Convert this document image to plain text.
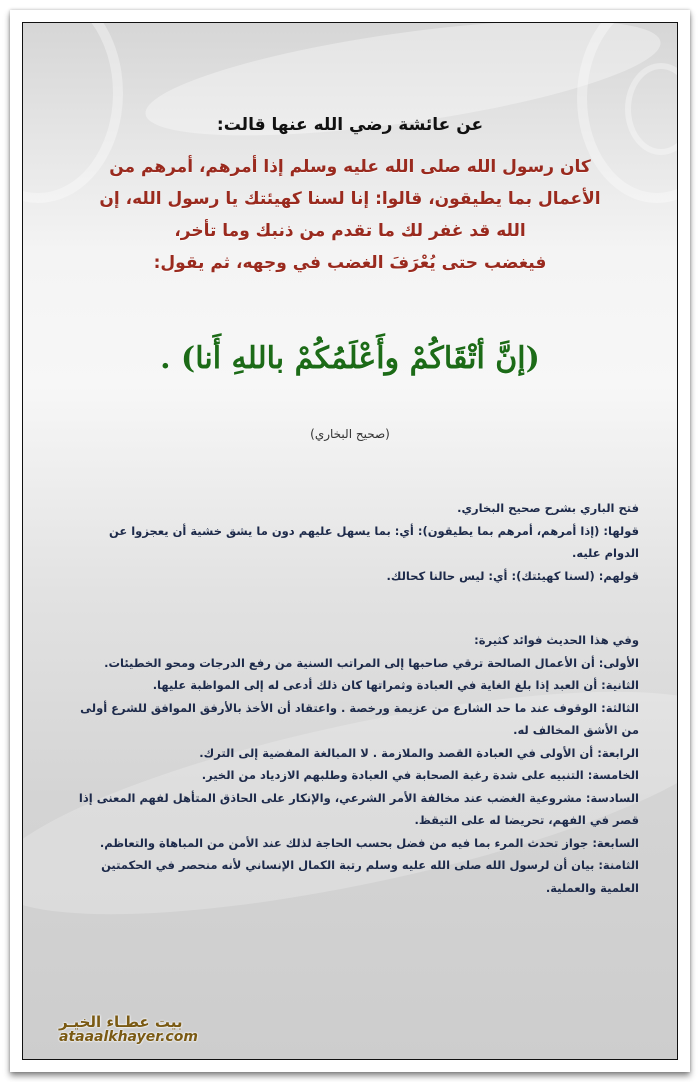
عن عائشة رضي الله عنها قالت:
كان رسول الله صلى الله عليه وسلم إذا أمرهم، أمرهم من
الأعمال بما يطيقون، قالوا: إنا لسنا كهيئتك يا رسول الله، إن
الله قد غفر لك ما تقدم من ذنبك وما تأخر،
فيغضب حتى يُعْرَفَ الغضب في وجهه، ثم يقول:
(إنَّ أتْقَاكُمْ وأَعْلَمُكُمْ باللهِ أَنا) .
(صحيح البخاري)

فتح الباري بشرح صحيح البخاري.

قولها: (إذا أمرهم، أمرهم بما يطيقون): أي: بما يسهل عليهم دون ما يشق خشية أن يعجزوا عن الدوام عليه.

قولهم: (لسنا كهيئتك): أي: ليس حالنا كحالك.

وفي هذا الحديث فوائد كثيرة:

الأولى: أن الأعمال الصالحة ترقي صاحبها إلى المراتب السنية من رفع الدرجات ومحو الخطيئات.

الثانية: أن العبد إذا بلغ الغاية في العبادة وثمراتها كان ذلك أدعى له إلى المواظبة عليها.

الثالثة: الوقوف عند ما حد الشارع من عزيمة ورخصة . واعتقاد أن الأخذ بالأرفق الموافق للشرع أولى من الأشق المخالف له.

الرابعة: أن الأولى في العبادة القصد والملازمة . لا المبالغة المفضية إلى الترك.

الخامسة: التنبيه على شدة رغبة الصحابة في العبادة وطلبهم الازدياد من الخير.

السادسة: مشروعية الغضب عند مخالفة الأمر الشرعي، والإنكار على الحاذق المتأهل لفهم المعنى إذا قصر في الفهم، تحريضا له على التيقظ.

السابعة: جواز تحدث المرء بما فيه من فضل بحسب الحاجة لذلك عند الأمن من المباهاة والتعاظم.

الثامنة: بيان أن لرسول الله صلى الله عليه وسلم رتبة الكمال الإنساني لأنه منحصر في الحكمتين العلمية والعملية.

بيت عطـاء الخيـر
ataaalkhayer.com
